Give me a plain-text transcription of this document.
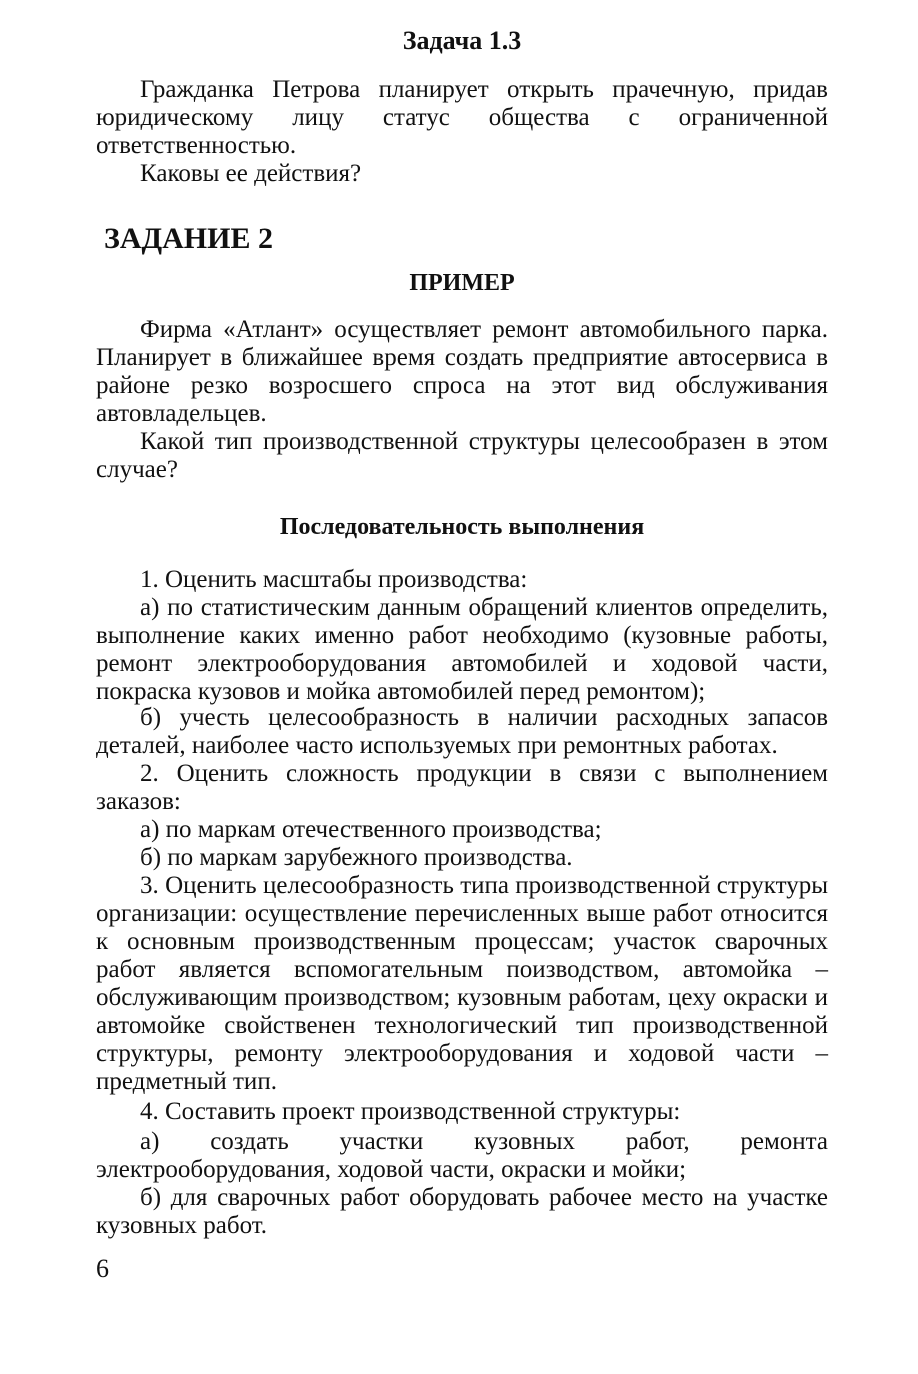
Задача 1.3

Гражданка Петрова планирует открыть прачечную, придав юридическому лицу статус общества с ограниченной ответственностью.

Каковы ее действия?

ЗАДАНИЕ 2
ПРИМЕР

Фирма «Атлант» осуществляет ремонт автомобильного парка. Планирует в ближайшее время создать предприятие автосервиса в районе резко возросшего спроса на этот вид обслуживания автовладельцев.

Какой тип производственной структуры целесообразен в этом случае?

Последовательность выполнения

1. Оценить масштабы производства:

а) по статистическим данным обращений клиентов определить, выполнение каких именно работ необходимо (кузовные работы, ремонт электрооборудования автомобилей и ходовой части, покраска кузовов и мойка автомобилей перед ремонтом);

б) учесть целесообразность в наличии расходных запасов деталей, наиболее часто используемых при ремонтных работах.

2. Оценить сложность продукции в связи с выполнением заказов:

а) по маркам отечественного производства;

б) по маркам зарубежного производства.

3. Оценить целесообразность типа производственной структуры организации: осуществление перечисленных выше работ относится к основным производственным процессам; участок сварочных работ является вспомогательным поизводством, автомойка – обслуживающим производством; кузовным работам, цеху окраски и автомойке свойственен технологический тип производственной структуры, ремонту электрооборудования и ходовой части – предметный тип.

4. Составить проект производственной структуры:

а) создать участки кузовных работ, ремонта электрооборудования, ходовой части, окраски и мойки;

б) для сварочных работ оборудовать рабочее место на участке кузовных работ.

6
